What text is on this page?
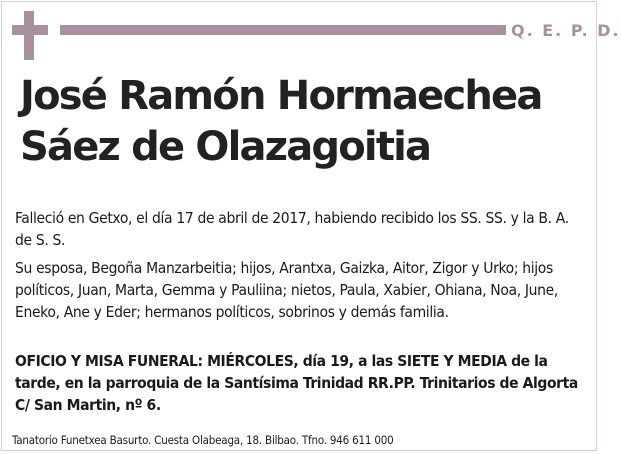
Q. E. P. D.
José Ramón Hormaechea Sáez de Olazagoitia
Falleció en Getxo, el día 17 de abril de 2017, habiendo recibido los SS. SS. y la B. A. de S. S.
Su esposa, Begoña Manzarbeitia; hijos, Arantxa, Gaizka, Aitor, Zigor y Urko; hijos políticos, Juan, Marta, Gemma y Pauliina; nietos, Paula, Xabier, Ohiana, Noa, June, Eneko, Ane y Eder; hermanos políticos, sobrinos y demás familia.
OFICIO Y MISA FUNERAL: MIÉRCOLES, día 19, a las SIETE Y MEDIA de la tarde, en la parroquia de la Santísima Trinidad RR.PP. Trinitarios de Algorta C/ San Martin, nº 6.
Tanatorio Funetxea Basurto. Cuesta Olabeaga, 18. Bilbao. Tfno. 946 611 000
